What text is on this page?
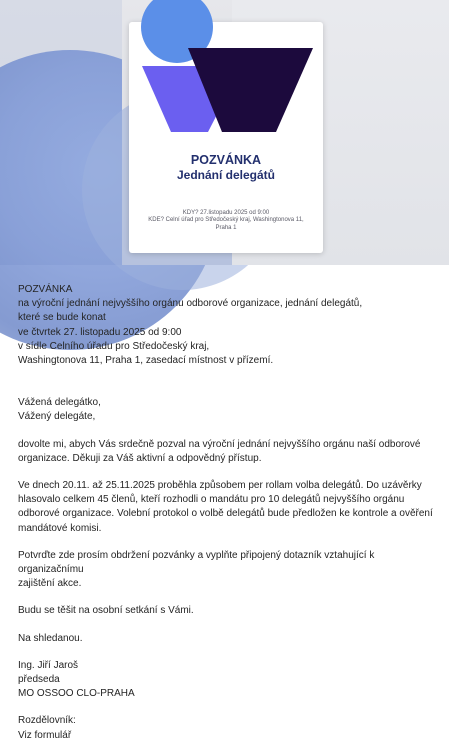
POZVÁNKA
Jednání delegátů
KDY? 27.listopadu 2025 od 9:00
KDE? Celní úřad pro Středočeský kraj, Washingtonova 11, Praha 1

POZVÁNKA

na výroční jednání nejvyššího orgánu odborové organizace, jednání delegátů,

které se bude konat

ve čtvrtek 27. listopadu 2025 od 9:00

v sídle Celního úřadu pro Středočeský kraj,

Washingtonova 11, Praha 1, zasedací místnost v přízemí.

Vážená delegátko,

Vážený delegáte,

dovolte mi, abych Vás srdečně pozval na výroční jednání nejvyššího orgánu naší odborové

organizace. Děkuji za Váš aktivní a odpovědný přístup.

Ve dnech 20.11. až 25.11.2025 proběhla způsobem per rollam volba delegátů. Do uzávěrky

hlasovalo celkem 45 členů, kteří rozhodli o mandátu pro 10 delegátů nejvyššího orgánu

odborové organizace. Volební protokol o volbě delegátů bude předložen ke kontrole a ověření

mandátové komisi.

Potvrďte zde prosím obdržení pozvánky a vyplňte připojený dotazník vztahující k organizačnímu

zajištění akce.

Budu se těšit na osobní setkání s Vámi.

Na shledanou.

Ing. Jiří Jaroš

předseda

MO OSSOO CLO-PRAHA

Rozdělovník:

Viz formulář
